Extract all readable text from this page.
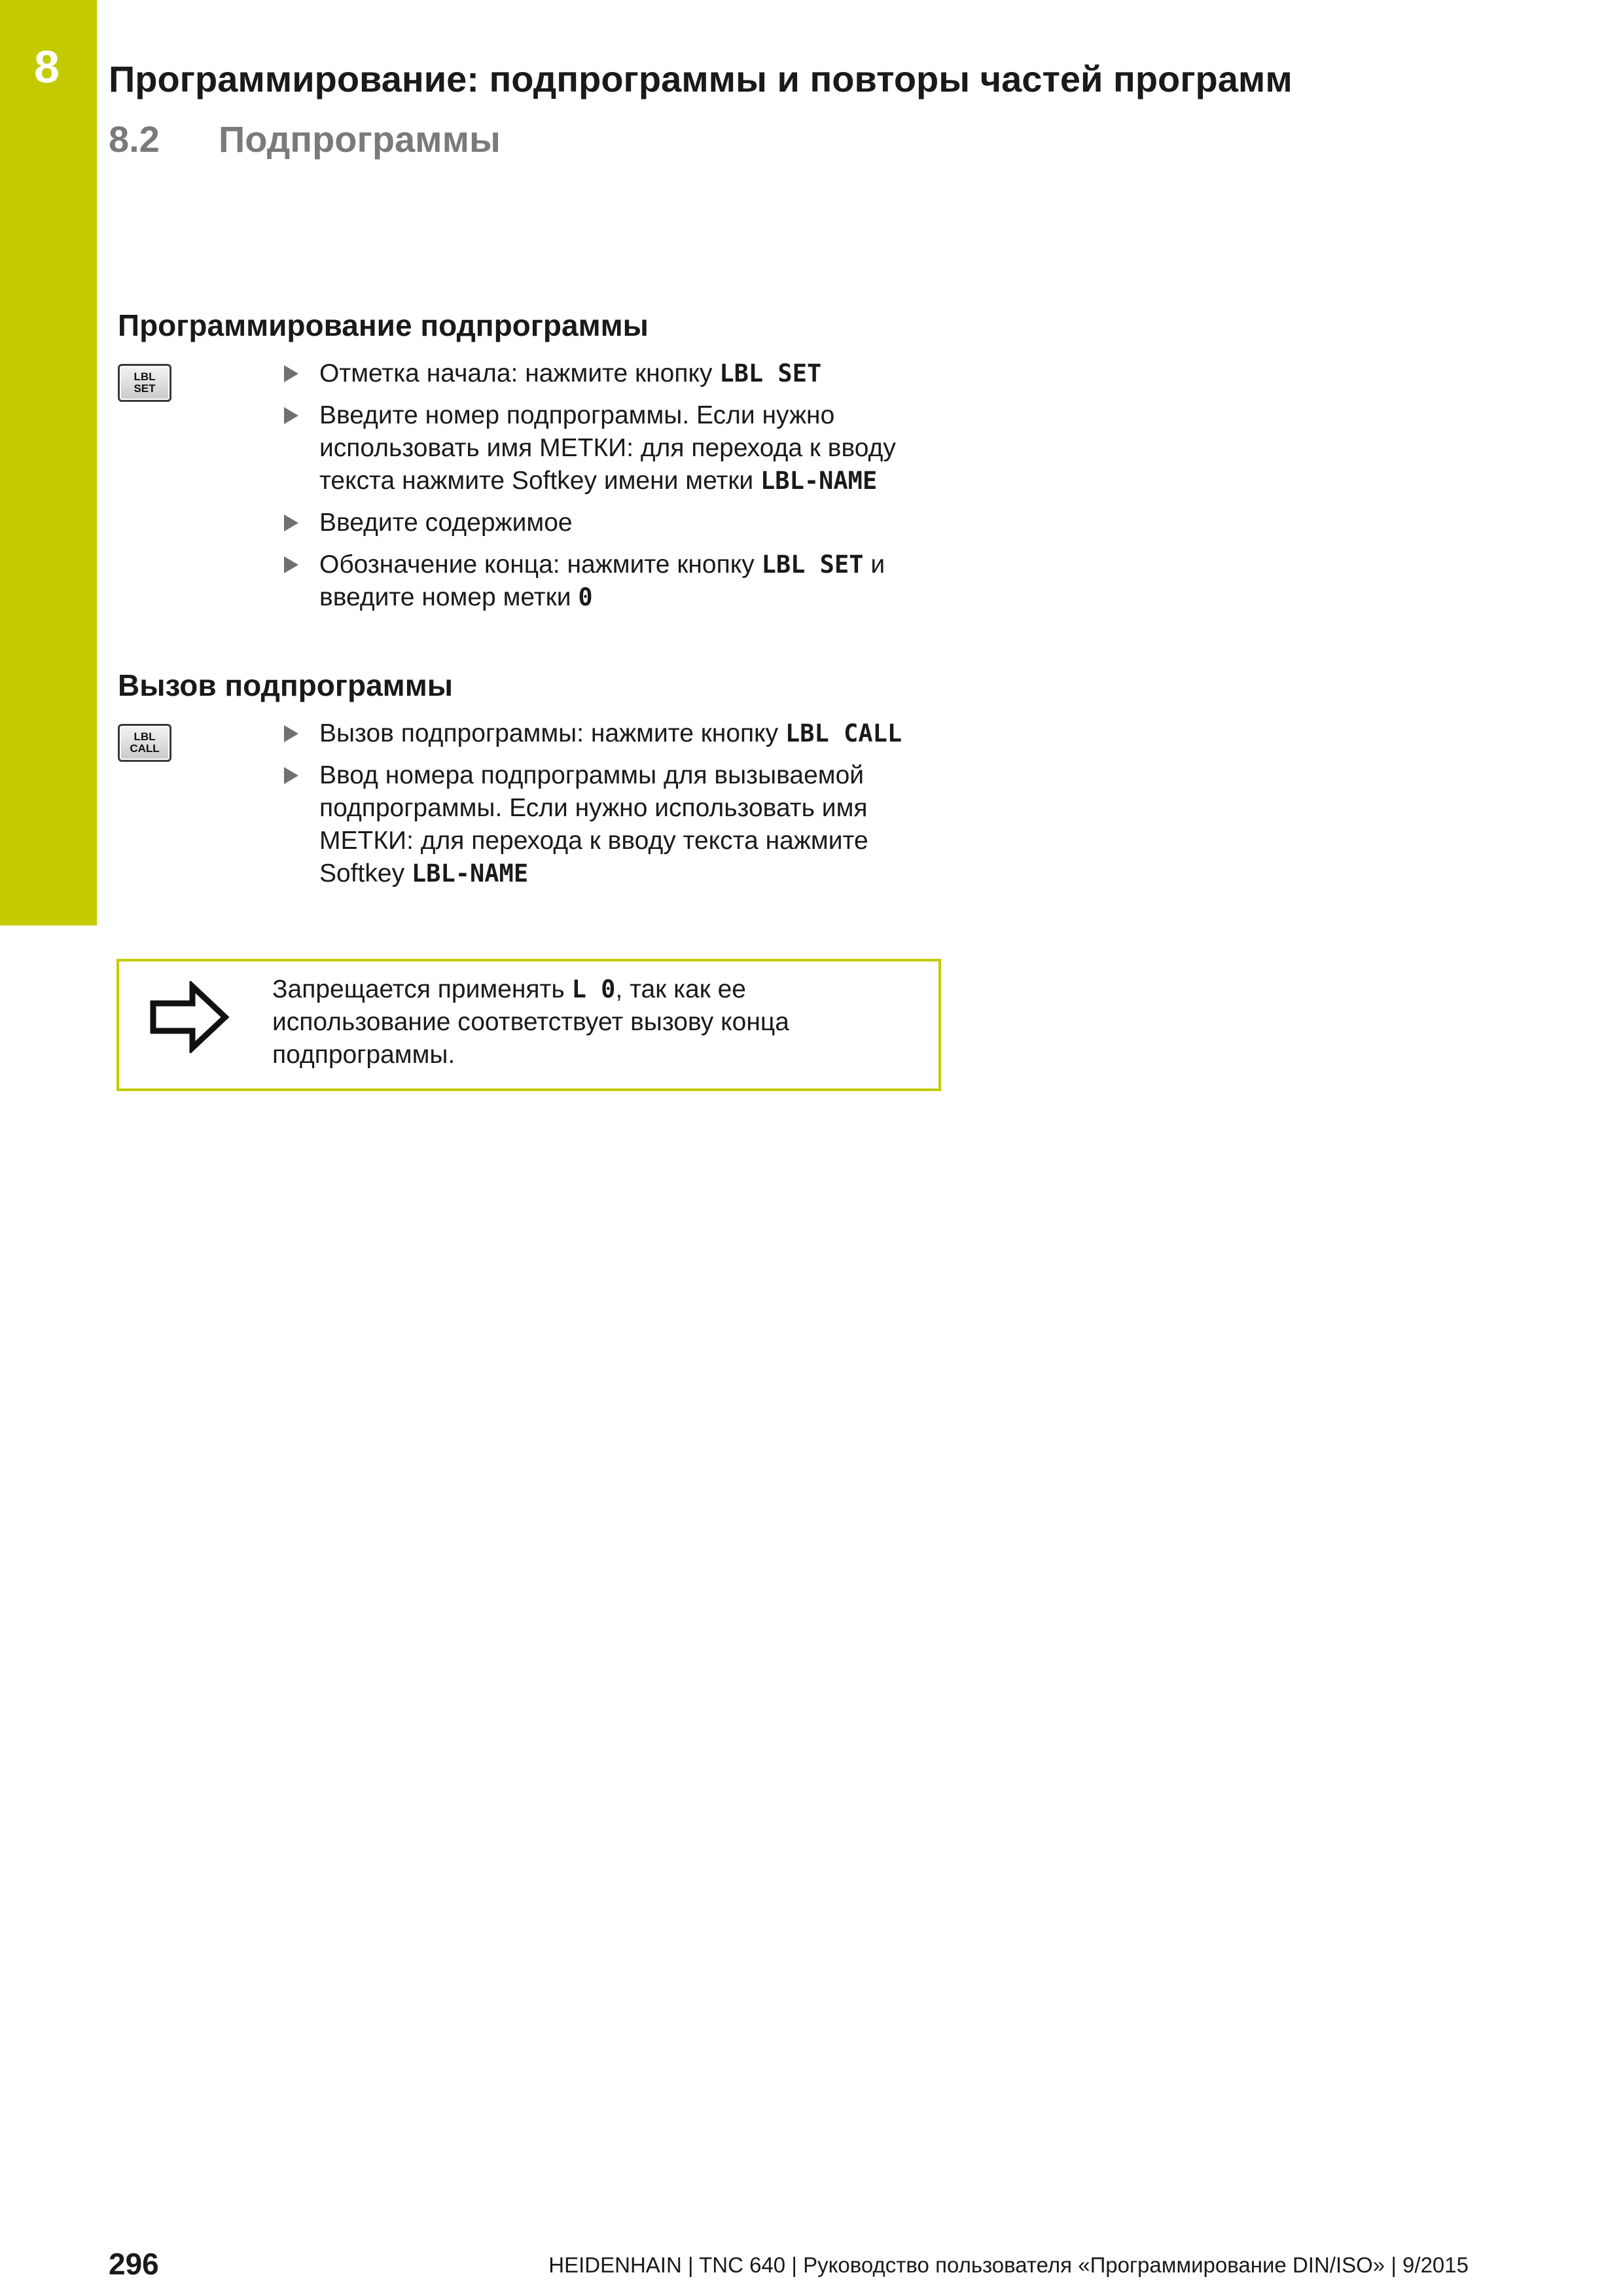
8 Программирование: подпрограммы и повторы частей программ
8.2 Подпрограммы
Программирование подпрограммы
LBL
SET
Отметка начала: нажмите кнопку LBL SET
Введите номер подпрограммы. Если нужно использовать имя МЕТКИ: для перехода к вводу текста нажмите Softkey имени метки LBL-NAME
Введите содержимое
Обозначение конца: нажмите кнопку LBL SET и введите номер метки 0
Вызов подпрограммы
LBL
CALL
Вызов подпрограммы: нажмите кнопку LBL CALL
Ввод номера подпрограммы для вызываемой подпрограммы. Если нужно использовать имя МЕТКИ: для перехода к вводу текста нажмите Softkey LBL-NAME
Запрещается применять L 0, так как ее использование соответствует вызову конца подпрограммы.
296	HEIDENHAIN | TNC 640 | Руководство пользователя «Программирование DIN/ISO» | 9/2015
